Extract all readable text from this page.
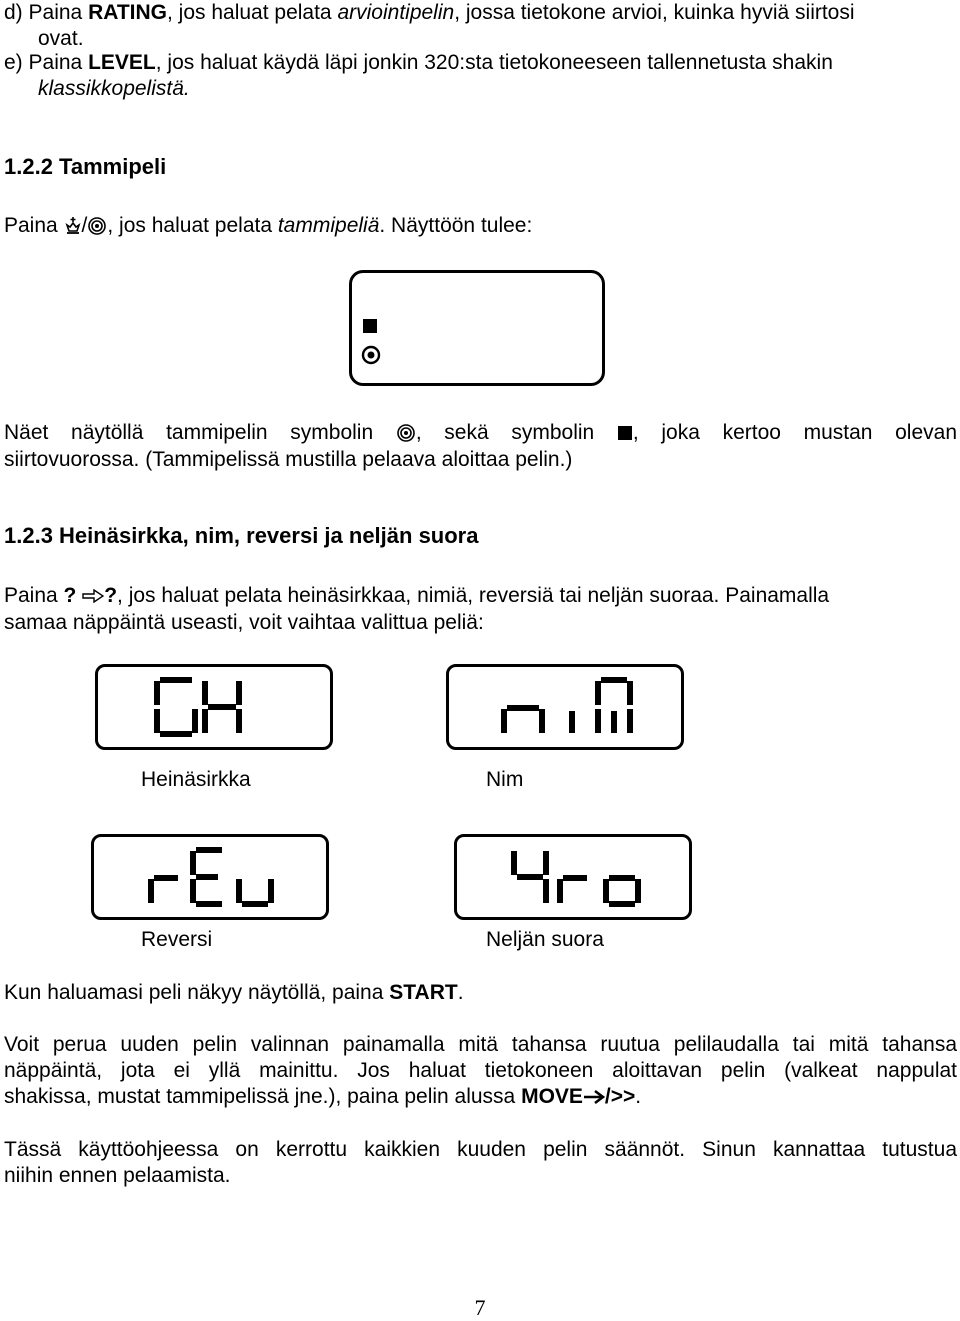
d) Paina RATING, jos haluat pelata arviointipelin, jossa tietokone arvioi, kuinka hyviä siirtosi
ovat.
e) Paina LEVEL, jos haluat käydä läpi jonkin 320:sta tietokoneeseen tallennetusta shakin
klassikkopelistä.
1.2.2 Tammipeli
Paina / , jos haluat pelata tammipeliä. Näyttöön tulee:
Näet näytöllä tammipelin symbolin , sekä symbolin , joka kertoo mustan olevan
siirtovuorossa. (Tammipelissä mustilla pelaava aloittaa pelin.)
1.2.3 Heinäsirkka, nim, reversi ja neljän suora
Paina ? ?, jos haluat pelata heinäsirkkaa, nimiä, reversiä tai neljän suoraa. Painamalla
samaa näppäintä useasti, voit vaihtaa valittua peliä:
Heinäsirkka	Nim
Reversi	Neljän suora
Kun haluamasi peli näkyy näytöllä, paina START.
Voit perua uuden pelin valinnan painamalla mitä tahansa ruutua pelilaudalla tai mitä tahansa
näppäintä, jota ei yllä mainittu. Jos haluat tietokoneen aloittavan pelin (valkeat nappulat
shakissa, mustat tammipelissä jne.), paina pelin alussa MOVE />>.
Tässä käyttöohjeessa on kerrottu kaikkien kuuden pelin säännöt. Sinun kannattaa tutustua
niihin ennen pelaamista.
7
